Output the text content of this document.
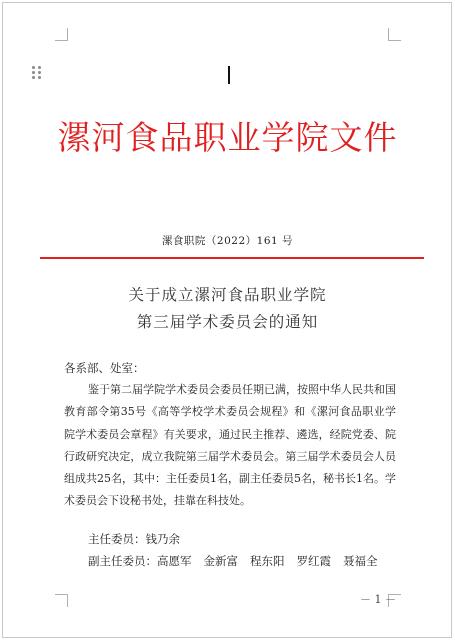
漯河食品职业学院文件
漯食职院（2022）161 号
关于成立漯河食品职业学院
第三届学术委员会的通知
各系部、处室：
鉴于第二届学院学术委员会委员任期已满，按照中华人民共和国教育部令第35号《高等学校学术委员会规程》和《漯河食品职业学院学术委员会章程》有关要求，通过民主推荐、遴选，经院党委、院行政研究决定，成立我院第三届学术委员会。第三届学术委员会人员组成共25名，其中：主任委员1名，副主任委员5名，秘书长1名。学术委员会下设秘书处，挂靠在科技处。
主任委员：钱乃余
副主任委员：高愿军 金新富 程东阳 罗红霞 聂福全
－ 1 －
